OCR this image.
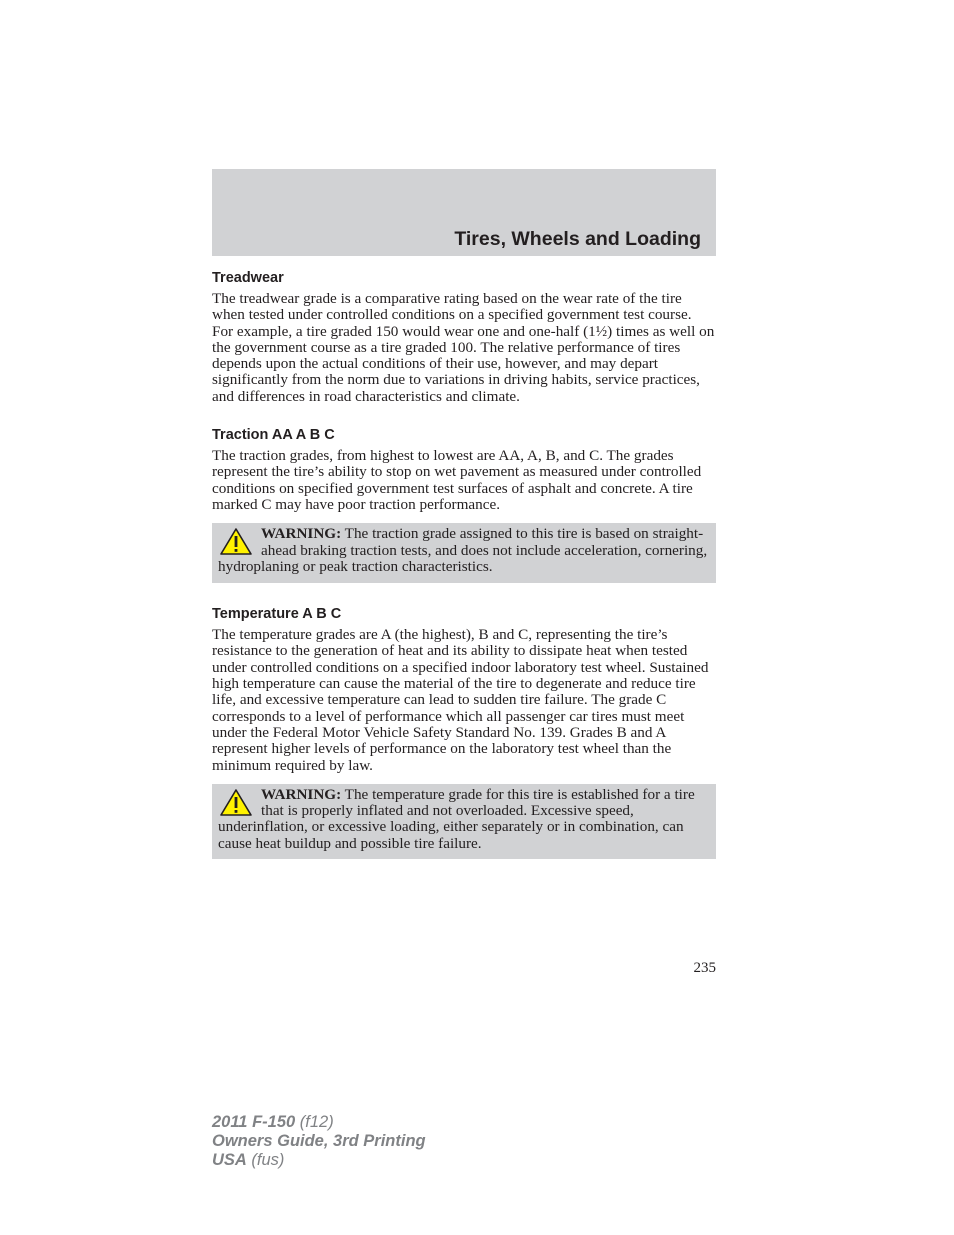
Tires, Wheels and Loading
Treadwear

The treadwear grade is a comparative rating based on the wear rate of the tire when tested under controlled conditions on a specified government test course. For example, a tire graded 150 would wear one and one-half (1½) times as well on the government course as a tire graded 100. The relative performance of tires depends upon the actual conditions of their use, however, and may depart significantly from the norm due to variations in driving habits, service practices, and differences in road characteristics and climate.

Traction AA A B C

The traction grades, from highest to lowest are AA, A, B, and C. The grades represent the tire’s ability to stop on wet pavement as measured under controlled conditions on specified government test surfaces of asphalt and concrete. A tire marked C may have poor traction performance.

WARNING: The traction grade assigned to this tire is based on straight-ahead braking traction tests, and does not include acceleration, cornering, hydroplaning or peak traction characteristics.
Temperature A B C

The temperature grades are A (the highest), B and C, representing the tire’s resistance to the generation of heat and its ability to dissipate heat when tested under controlled conditions on a specified indoor laboratory test wheel. Sustained high temperature can cause the material of the tire to degenerate and reduce tire life, and excessive temperature can lead to sudden tire failure. The grade C corresponds to a level of performance which all passenger car tires must meet under the Federal Motor Vehicle Safety Standard No. 139. Grades B and A represent higher levels of performance on the laboratory test wheel than the minimum required by law.

WARNING: The temperature grade for this tire is established for a tire that is properly inflated and not overloaded. Excessive speed, underinflation, or excessive loading, either separately or in combination, can cause heat buildup and possible tire failure.
235
2011 F-150 (f12)
Owners Guide, 3rd Printing
USA (fus)
